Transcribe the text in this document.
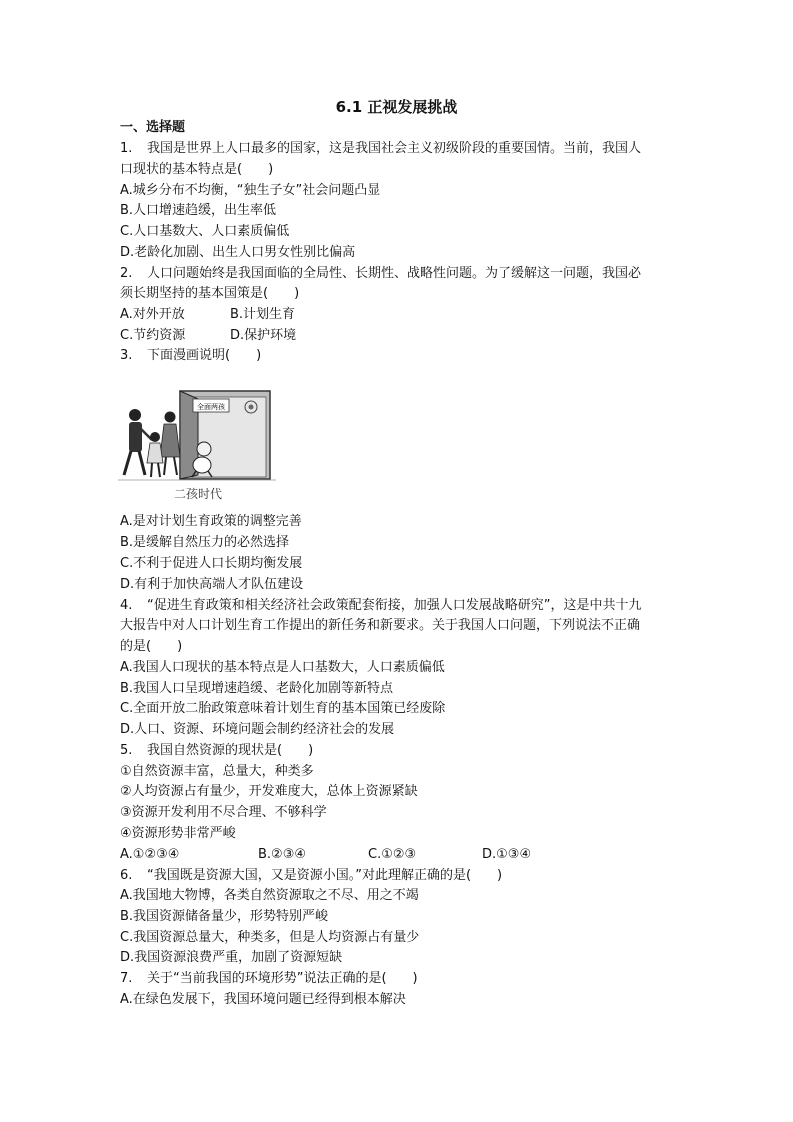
6.1 正视发展挑战
一、选择题
1. 我国是世界上人口最多的国家，这是我国社会主义初级阶段的重要国情。当前，我国人
口现状的基本特点是(　　)
A.城乡分布不均衡，“独生子女”社会问题凸显
B.人口增速趋缓，出生率低
C.人口基数大、人口素质偏低
D.老龄化加剧、出生人口男女性别比偏高
2. 人口问题始终是我国面临的全局性、长期性、战略性问题。为了缓解这一问题，我国必
须长期坚持的基本国策是(　　)
A.对外开放	B.计划生育
C.节约资源	D.保护环境
3. 下面漫画说明(　　)
全面两孩
二孩时代
A.是对计划生育政策的调整完善
B.是缓解自然压力的必然选择
C.不利于促进人口长期均衡发展
D.有利于加快高端人才队伍建设
4. “促进生育政策和相关经济社会政策配套衔接，加强人口发展战略研究”，这是中共十九
大报告中对人口计划生育工作提出的新任务和新要求。关于我国人口问题，下列说法不正确
的是(　　)
A.我国人口现状的基本特点是人口基数大，人口素质偏低
B.我国人口呈现增速趋缓、老龄化加剧等新特点
C.全面开放二胎政策意味着计划生育的基本国策已经废除
D.人口、资源、环境问题会制约经济社会的发展
5. 我国自然资源的现状是(　　)
①自然资源丰富，总量大，种类多
②人均资源占有量少，开发难度大，总体上资源紧缺
③资源开发利用不尽合理、不够科学
④资源形势非常严峻
A.①②③④	B.②③④	C.①②③	D.①③④
6. “我国既是资源大国，又是资源小国。”对此理解正确的是(　　)
A.我国地大物博，各类自然资源取之不尽、用之不竭
B.我国资源储备量少，形势特别严峻
C.我国资源总量大，种类多，但是人均资源占有量少
D.我国资源浪费严重，加剧了资源短缺
7. 关于“当前我国的环境形势”说法正确的是(　　)
A.在绿色发展下，我国环境问题已经得到根本解决
